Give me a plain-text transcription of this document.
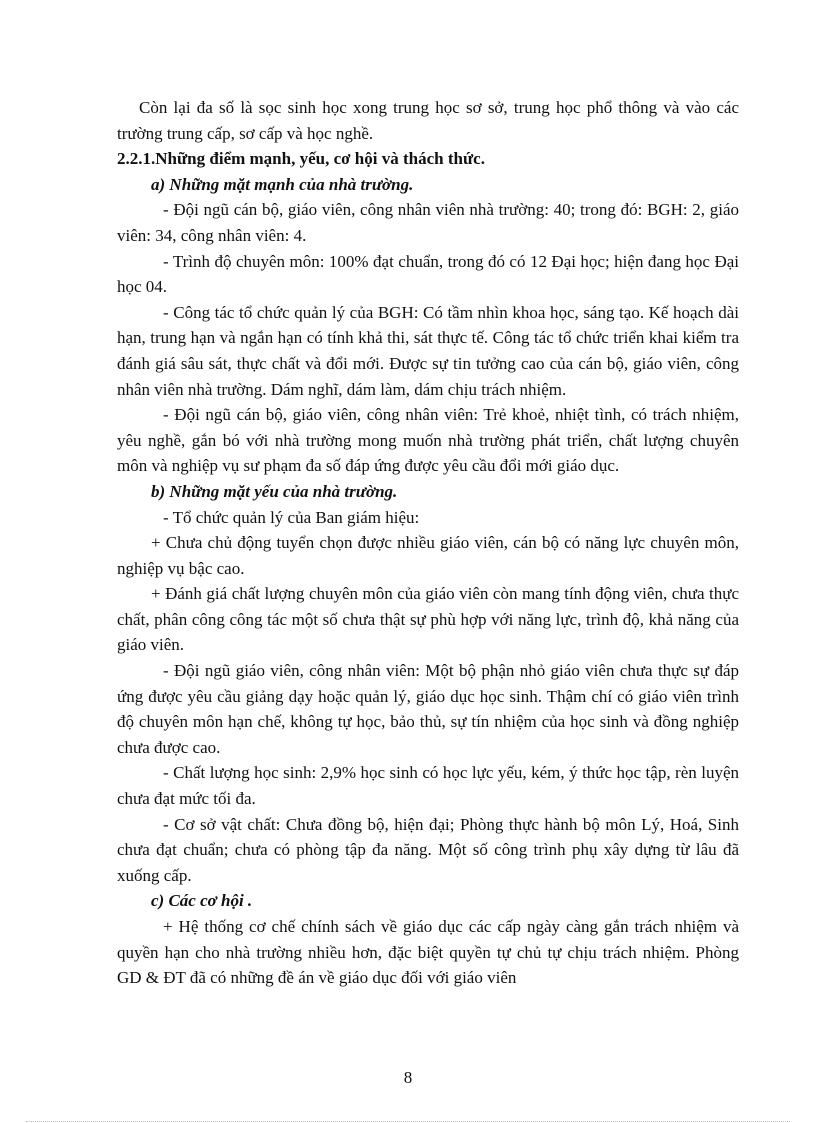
Còn lại đa số là sọc sinh học xong trung học sơ sở, trung học phổ thông và vào các trường trung cấp, sơ cấp và học nghề.

2.2.1.Những điểm mạnh, yếu, cơ hội và thách thức.

a) Những mặt mạnh của nhà trường.

- Đội ngũ cán bộ, giáo viên, công nhân viên nhà trường: 40; trong đó: BGH: 2, giáo viên: 34, công nhân viên: 4.

- Trình độ chuyên môn: 100% đạt chuẩn, trong đó có 12 Đại học; hiện đang học Đại học 04.

- Công tác tổ chức quản lý của BGH: Có tầm nhìn khoa học, sáng tạo. Kế hoạch dài hạn, trung hạn và ngắn hạn có tính khả thi, sát thực tế. Công tác tổ chức triển khai kiểm tra đánh giá sâu sát, thực chất và đổi mới. Được sự tin tưởng cao của cán bộ, giáo viên, công nhân viên nhà trường. Dám nghĩ, dám làm, dám chịu trách nhiệm.

- Đội ngũ cán bộ, giáo viên, công nhân viên: Trẻ khoẻ, nhiệt tình, có trách nhiệm, yêu nghề, gắn bó với nhà trường mong muốn nhà trường phát triển, chất lượng chuyên môn và nghiệp vụ sư phạm đa số đáp ứng được yêu cầu đổi mới giáo dục.

b) Những mặt yếu của nhà trường.

- Tổ chức quản lý của Ban giám hiệu:

+ Chưa chủ động tuyển chọn được nhiều giáo viên, cán bộ có năng lực chuyên môn, nghiệp vụ bậc cao.

+ Đánh giá chất lượng chuyên môn của giáo viên còn mang tính động viên, chưa thực chất, phân công công tác một số chưa thật sự phù hợp với năng lực, trình độ, khả năng của giáo viên.

- Đội ngũ giáo viên, công nhân viên: Một bộ phận nhỏ giáo viên chưa thực sự đáp ứng được yêu cầu giảng dạy hoặc quản lý, giáo dục học sinh. Thậm chí có giáo viên trình độ chuyên môn hạn chế, không tự học, bảo thủ, sự tín nhiệm của học sinh và đồng nghiệp chưa được cao.

- Chất lượng học sinh: 2,9% học sinh có học lực yếu, kém, ý thức học tập, rèn luyện chưa đạt mức tối đa.

- Cơ sở vật chất: Chưa đồng bộ, hiện đại; Phòng thực hành bộ môn Lý, Hoá, Sinh chưa đạt chuẩn; chưa có phòng tập đa năng. Một số công trình phụ xây dựng từ lâu đã xuống cấp.

c) Các cơ hội .

+ Hệ thống cơ chế chính sách về giáo dục các cấp ngày càng gắn trách nhiệm và quyền hạn cho nhà trường nhiều hơn, đặc biệt quyền tự chủ tự chịu trách nhiệm. Phòng GD & ĐT đã có những đề án về giáo dục đối với giáo viên

8
